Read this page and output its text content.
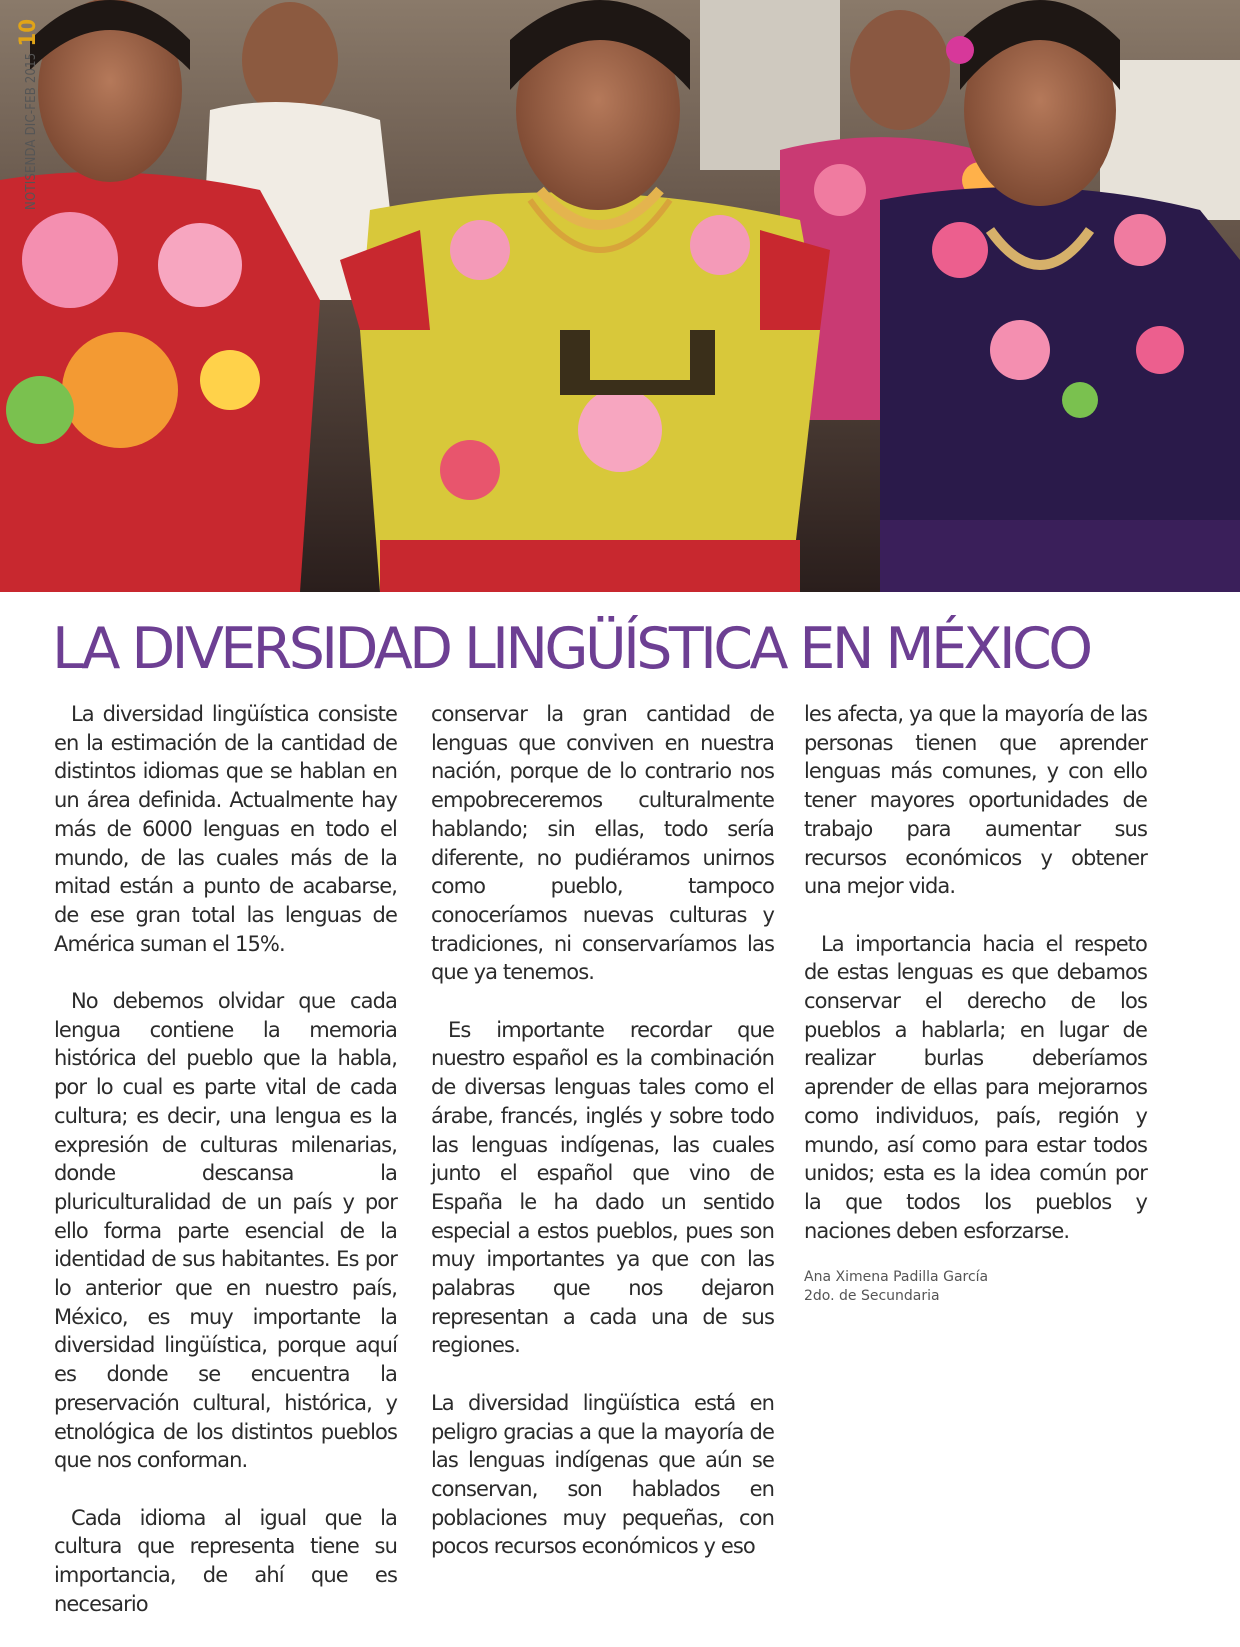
NOTISENDA DIC-FEB 201510
LA DIVERSIDAD LINGÜÍSTICA EN MÉXICO

La diversidad lingüística consiste en la estimación de la cantidad de distintos idiomas que se hablan en un área definida. Actualmente hay más de 6000 lenguas en todo el mundo, de las cuales más de la mitad están a punto de acabarse, de ese gran total las lenguas de América suman el 15%.

No debemos olvidar que cada lengua contiene la memoria histórica del pueblo que la habla, por lo cual es parte vital de cada cultura; es decir, una lengua es la expresión de culturas milenarias, donde descansa la pluriculturalidad de un país y por ello forma parte esencial de la identidad de sus habitantes. Es por lo anterior que en nuestro país, México, es muy importante la diversidad lingüística, porque aquí es donde se encuentra la preservación cultural, histórica, y etnológica de los distintos pueblos que nos conforman.

Cada idioma al igual que la cultura que representa tiene su importancia, de ahí que es necesario

conservar la gran cantidad de lenguas que conviven en nuestra nación, porque de lo contrario nos empobreceremos culturalmente hablando; sin ellas, todo sería diferente, no pudiéramos unirnos como pueblo, tampoco conoceríamos nuevas culturas y tradiciones, ni conservaríamos las que ya tenemos.

Es importante recordar que nuestro español es la combinación de diversas lenguas tales como el árabe, francés, inglés y sobre todo las lenguas indígenas, las cuales junto el español que vino de España le ha dado un sentido especial a estos pueblos, pues son muy importantes ya que con las palabras que nos dejaron representan a cada una de sus regiones.

La diversidad lingüística está en peligro gracias a que la mayoría de las lenguas indígenas que aún se conservan, son hablados en poblaciones muy pequeñas, con pocos recursos económicos y eso

les afecta, ya que la mayoría de las personas tienen que aprender lenguas más comunes, y con ello tener mayores oportunidades de trabajo para aumentar sus recursos económicos y obtener una mejor vida.

La importancia hacia el respeto de estas lenguas es que debamos conservar el derecho de los pueblos a hablarla; en lugar de realizar burlas deberíamos aprender de ellas para mejorarnos como individuos, país, región y mundo, así como para estar todos unidos; esta es la idea común por la que todos los pueblos y naciones deben esforzarse.

Ana Ximena Padilla García
2do. de Secundaria
